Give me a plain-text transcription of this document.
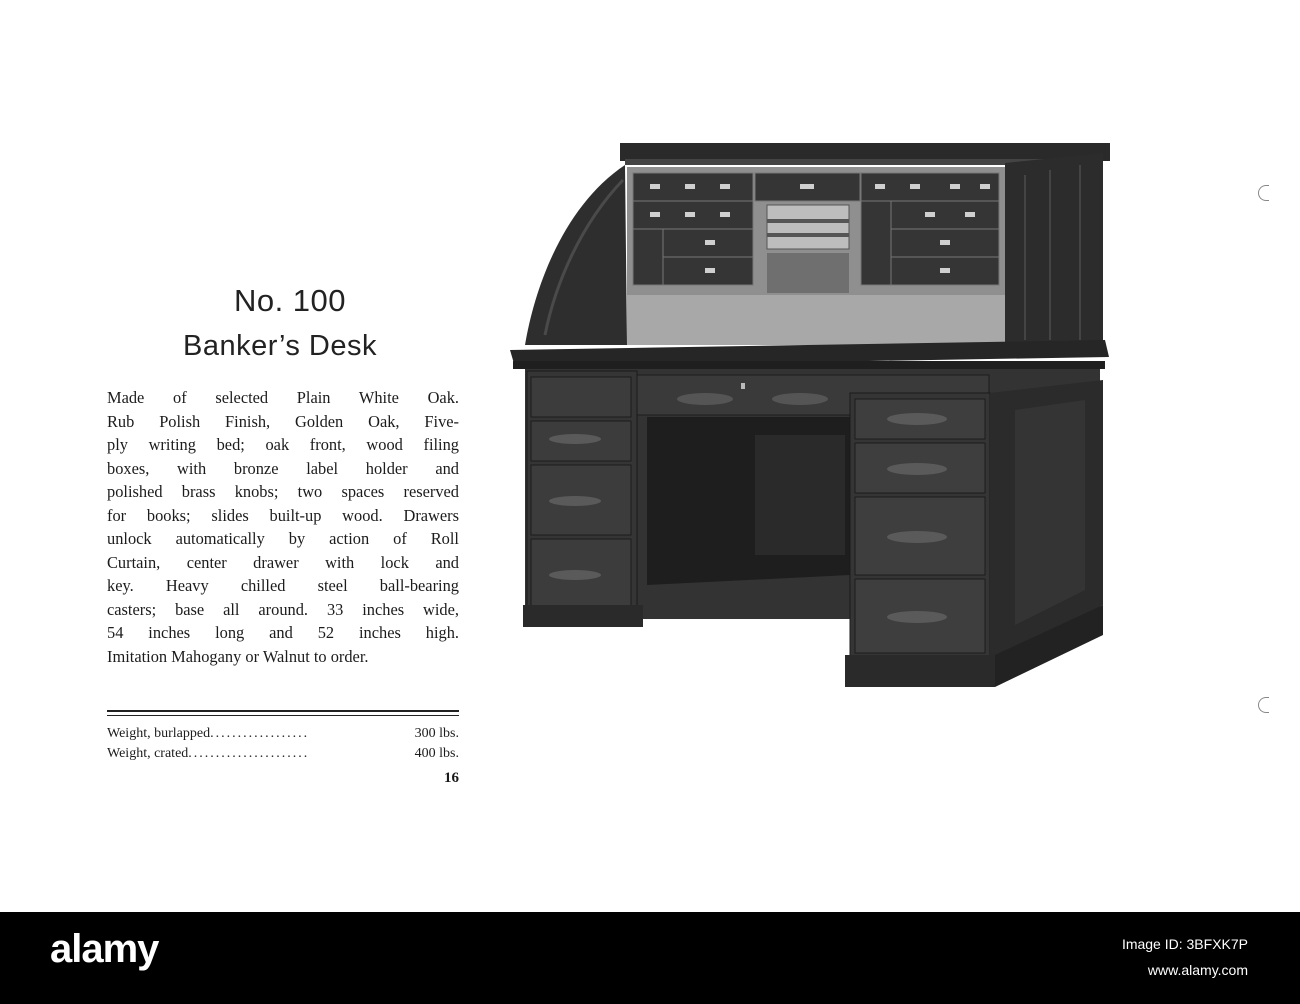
No. 100
Banker’s Desk
Made of selected Plain White Oak.
Rub Polish Finish, Golden Oak, Five-
ply writing bed; oak front, wood filing
boxes, with bronze label holder and
polished brass knobs; two spaces reserved
for books; slides built-up wood. Drawers
unlock automatically by action of Roll
Curtain, center drawer with lock and
key. Heavy chilled steel ball-bearing
casters; base all around. 33 inches wide,
54 inches long and 52 inches high.
Imitation Mahogany or Walnut to order.
Weight, burlapped ..................	300 lbs.
Weight, crated ......................	400 lbs.
16
alamy	Image ID: 3BFXK7P
www.alamy.com
